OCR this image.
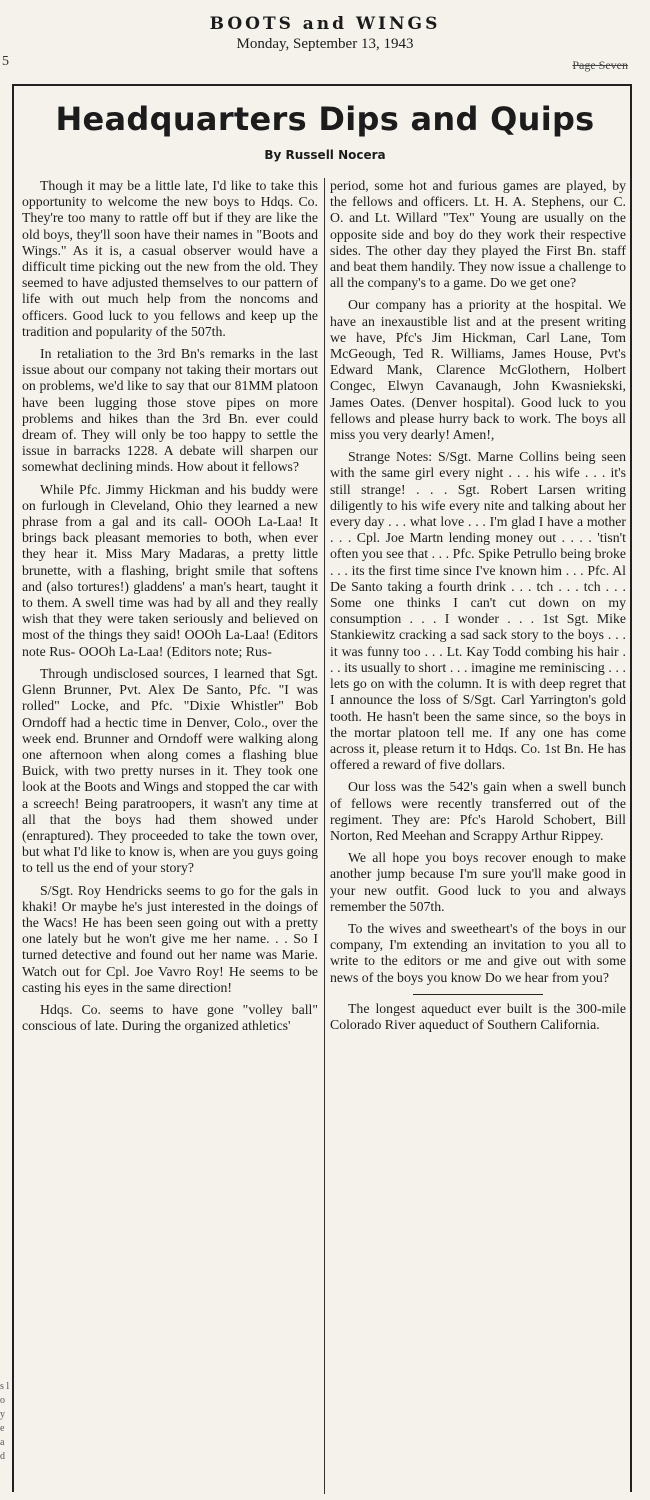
BOOTS and WINGS
Monday, September 13, 1943
Page Seven
5
Headquarters Dips and Quips
By Russell Nocera

Though it may be a little late, I'd like to take this opportunity to welcome the new boys to Hdqs. Co. They're too many to rattle off but if they are like the old boys, they'll soon have their names in "Boots and Wings." As it is, a casual observer would have a difficult time picking out the new from the old. They seemed to have adjusted themselves to our pattern of life with out much help from the noncoms and officers. Good luck to you fellows and keep up the tradition and popularity of the 507th.

In retaliation to the 3rd Bn's remarks in the last issue about our company not taking their mortars out on problems, we'd like to say that our 81MM platoon have been lugging those stove pipes on more problems and hikes than the 3rd Bn. ever could dream of. They will only be too happy to settle the issue in barracks 1228. A debate will sharpen our somewhat declining minds. How about it fellows?

While Pfc. Jimmy Hickman and his buddy were on furlough in Cleveland, Ohio they learned a new phrase from a gal and its call- OOOh La-Laa! It brings back pleasant memories to both, when ever they hear it. Miss Mary Madaras, a pretty little brunette, with a flashing, bright smile that softens and (also tortures!) gladdens' a man's heart, taught it to them. A swell time was had by all and they really wish that they were taken seriously and believed on most of the things they said! OOOh La-Laa! (Editors note Rus- OOOh La-Laa! (Editors note; Rus-

Through undisclosed sources, I learned that Sgt. Glenn Brunner, Pvt. Alex De Santo, Pfc. "I was rolled" Locke, and Pfc. "Dixie Whistler" Bob Orndoff had a hectic time in Denver, Colo., over the week end. Brunner and Orndoff were walking along one afternoon when along comes a flashing blue Buick, with two pretty nurses in it. They took one look at the Boots and Wings and stopped the car with a screech! Being paratroopers, it wasn't any time at all that the boys had them showed under (enraptured). They proceeded to take the town over, but what I'd like to know is, when are you guys going to tell us the end of your story?

S/Sgt. Roy Hendricks seems to go for the gals in khaki! Or maybe he's just interested in the doings of the Wacs! He has been seen going out with a pretty one lately but he won't give me her name. . . So I turned detective and found out her name was Marie. Watch out for Cpl. Joe Vavro Roy! He seems to be casting his eyes in the same direction!

Hdqs. Co. seems to have gone "volley ball" conscious of late. During the organized athletics'

period, some hot and furious games are played, by the fellows and officers. Lt. H. A. Stephens, our C. O. and Lt. Willard "Tex" Young are usually on the opposite side and boy do they work their respective sides. The other day they played the First Bn. staff and beat them handily. They now issue a challenge to all the company's to a game. Do we get one?

Our company has a priority at the hospital. We have an inexaustible list and at the present writing we have, Pfc's Jim Hickman, Carl Lane, Tom McGeough, Ted R. Williams, James House, Pvt's Edward Mank, Clarence McGlothern, Holbert Congec, Elwyn Cavanaugh, John Kwasniekski, James Oates. (Denver hospital). Good luck to you fellows and please hurry back to work. The boys all miss you very dearly! Amen!,

Strange Notes: S/Sgt. Marne Collins being seen with the same girl every night . . . his wife . . . it's still strange! . . . Sgt. Robert Larsen writing diligently to his wife every nite and talking about her every day . . . what love . . . I'm glad I have a mother . . . Cpl. Joe Martn lending money out . . . . 'tisn't often you see that . . . Pfc. Spike Petrullo being broke . . . its the first time since I've known him . . . Pfc. Al De Santo taking a fourth drink . . . tch . . . tch . . . Some one thinks I can't cut down on my consumption . . . I wonder . . . 1st Sgt. Mike Stankiewitz cracking a sad sack story to the boys . . . it was funny too . . . Lt. Kay Todd combing his hair . . . its usually to short . . . imagine me reminiscing . . . lets go on with the column. It is with deep regret that I announce the loss of S/Sgt. Carl Yarrington's gold tooth. He hasn't been the same since, so the boys in the mortar platoon tell me. If any one has come across it, please return it to Hdqs. Co. 1st Bn. He has offered a reward of five dollars.

Our loss was the 542's gain when a swell bunch of fellows were recently transferred out of the regiment. They are: Pfc's Harold Schobert, Bill Norton, Red Meehan and Scrappy Arthur Rippey.

We all hope you boys recover enough to make another jump because I'm sure you'll make good in your new outfit. Good luck to you and always remember the 507th.

To the wives and sweetheart's of the boys in our company, I'm extending an invitation to you all to write to the editors or me and give out with some news of the boys you know Do we hear from you?

The longest aqueduct ever built is the 300-mile Colorado River aqueduct of Southern California.

s l o y e a d
